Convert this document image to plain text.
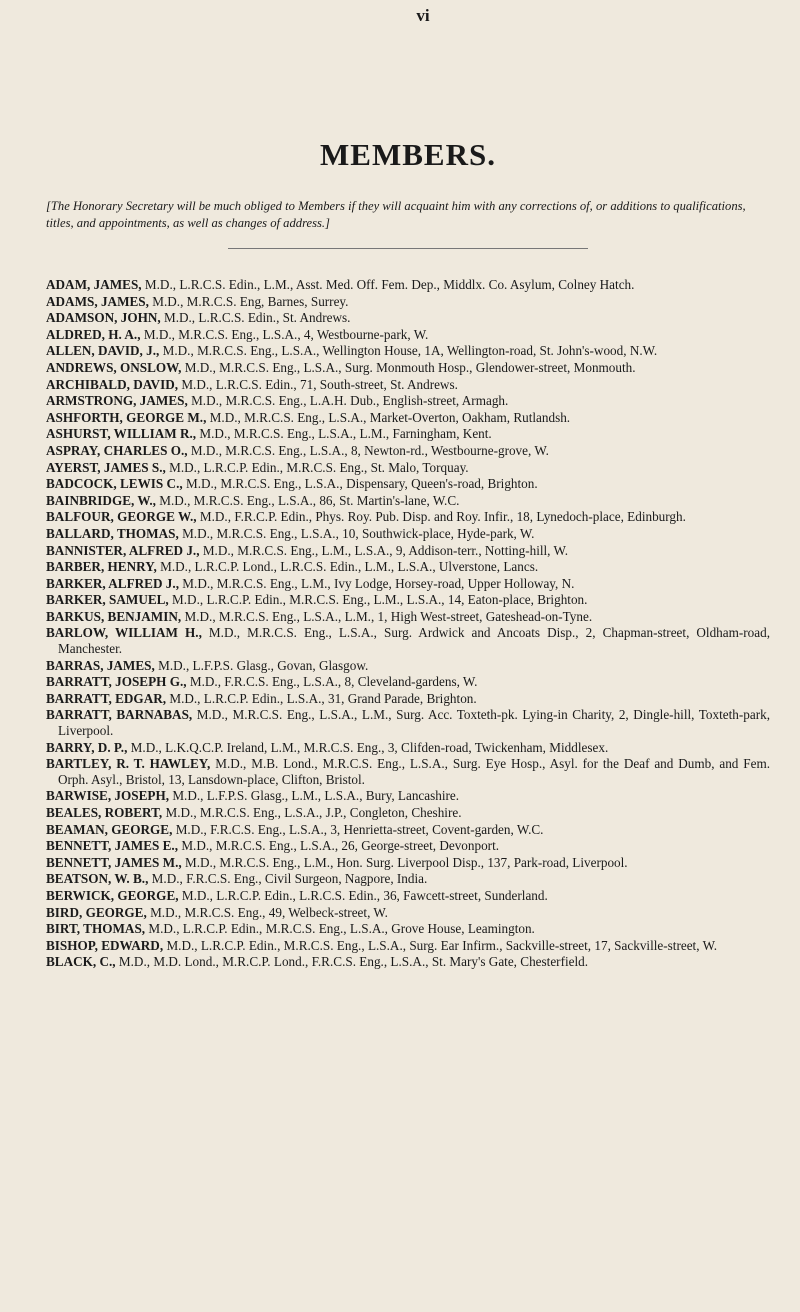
vi
MEMBERS.
[The Honorary Secretary will be much obliged to Members if they will acquaint him with any corrections of, or additions to qualifications, titles, and appointments, as well as changes of address.]
ADAM, JAMES, M.D., L.R.C.S. Edin., L.M., Asst. Med. Off. Fem. Dep., Middlx. Co. Asylum, Colney Hatch.
ADAMS, JAMES, M.D., M.R.C.S. Eng, Barnes, Surrey.
ADAMSON, JOHN, M.D., L.R.C.S. Edin., St. Andrews.
ALDRED, H. A., M.D., M.R.C.S. Eng., L.S.A., 4, Westbourne-park, W.
ALLEN, DAVID, J., M.D., M.R.C.S. Eng., L.S.A., Wellington House, 1A, Wellington-road, St. John's-wood, N.W.
ANDREWS, ONSLOW, M.D., M.R.C.S. Eng., L.S.A., Surg. Monmouth Hosp., Glendower-street, Monmouth.
ARCHIBALD, DAVID, M.D., L.R.C.S. Edin., 71, South-street, St. Andrews.
ARMSTRONG, JAMES, M.D., M.R.C.S. Eng., L.A.H. Dub., English-street, Armagh.
ASHFORTH, GEORGE M., M.D., M.R.C.S. Eng., L.S.A., Market-Overton, Oakham, Rutlandsh.
ASHURST, WILLIAM R., M.D., M.R.C.S. Eng., L.S.A., L.M., Farningham, Kent.
ASPRAY, CHARLES O., M.D., M.R.C.S. Eng., L.S.A., 8, Newton-rd., Westbourne-grove, W.
AYERST, JAMES S., M.D., L.R.C.P. Edin., M.R.C.S. Eng., St. Malo, Torquay.
BADCOCK, LEWIS C., M.D., M.R.C.S. Eng., L.S.A., Dispensary, Queen's-road, Brighton.
BAINBRIDGE, W., M.D., M.R.C.S. Eng., L.S.A., 86, St. Martin's-lane, W.C.
BALFOUR, GEORGE W., M.D., F.R.C.P. Edin., Phys. Roy. Pub. Disp. and Roy. Infir., 18, Lynedoch-place, Edinburgh.
BALLARD, THOMAS, M.D., M.R.C.S. Eng., L.S.A., 10, Southwick-place, Hyde-park, W.
BANNISTER, ALFRED J., M.D., M.R.C.S. Eng., L.M., L.S.A., 9, Addison-terr., Notting-hill, W.
BARBER, HENRY, M.D., L.R.C.P. Lond., L.R.C.S. Edin., L.M., L.S.A., Ulverstone, Lancs.
BARKER, ALFRED J., M.D., M.R.C.S. Eng., L.M., Ivy Lodge, Horsey-road, Upper Holloway, N.
BARKER, SAMUEL, M.D., L.R.C.P. Edin., M.R.C.S. Eng., L.M., L.S.A., 14, Eaton-place, Brighton.
BARKUS, BENJAMIN, M.D., M.R.C.S. Eng., L.S.A., L.M., 1, High West-street, Gateshead-on-Tyne.
BARLOW, WILLIAM H., M.D., M.R.C.S. Eng., L.S.A., Surg. Ardwick and Ancoats Disp., 2, Chapman-street, Oldham-road, Manchester.
BARRAS, JAMES, M.D., L.F.P.S. Glasg., Govan, Glasgow.
BARRATT, JOSEPH G., M.D., F.R.C.S. Eng., L.S.A., 8, Cleveland-gardens, W.
BARRATT, EDGAR, M.D., L.R.C.P. Edin., L.S.A., 31, Grand Parade, Brighton.
BARRATT, BARNABAS, M.D., M.R.C.S. Eng., L.S.A., L.M., Surg. Acc. Toxteth-pk. Lying-in Charity, 2, Dingle-hill, Toxteth-park, Liverpool.
BARRY, D. P., M.D., L.K.Q.C.P. Ireland, L.M., M.R.C.S. Eng., 3, Clifden-road, Twickenham, Middlesex.
BARTLEY, R. T. HAWLEY, M.D., M.B. Lond., M.R.C.S. Eng., L.S.A., Surg. Eye Hosp., Asyl. for the Deaf and Dumb, and Fem. Orph. Asyl., Bristol, 13, Lansdown-place, Clifton, Bristol.
BARWISE, JOSEPH, M.D., L.F.P.S. Glasg., L.M., L.S.A., Bury, Lancashire.
BEALES, ROBERT, M.D., M.R.C.S. Eng., L.S.A., J.P., Congleton, Cheshire.
BEAMAN, GEORGE, M.D., F.R.C.S. Eng., L.S.A., 3, Henrietta-street, Covent-garden, W.C.
BENNETT, JAMES E., M.D., M.R.C.S. Eng., L.S.A., 26, George-street, Devonport.
BENNETT, JAMES M., M.D., M.R.C.S. Eng., L.M., Hon. Surg. Liverpool Disp., 137, Park-road, Liverpool.
BEATSON, W. B., M.D., F.R.C.S. Eng., Civil Surgeon, Nagpore, India.
BERWICK, GEORGE, M.D., L.R.C.P. Edin., L.R.C.S. Edin., 36, Fawcett-street, Sunderland.
BIRD, GEORGE, M.D., M.R.C.S. Eng., 49, Welbeck-street, W.
BIRT, THOMAS, M.D., L.R.C.P. Edin., M.R.C.S. Eng., L.S.A., Grove House, Leamington.
BISHOP, EDWARD, M.D., L.R.C.P. Edin., M.R.C.S. Eng., L.S.A., Surg. Ear Infirm., Sackville-street, 17, Sackville-street, W.
BLACK, C., M.D., M.D. Lond., M.R.C.P. Lond., F.R.C.S. Eng., L.S.A., St. Mary's Gate, Chesterfield.
